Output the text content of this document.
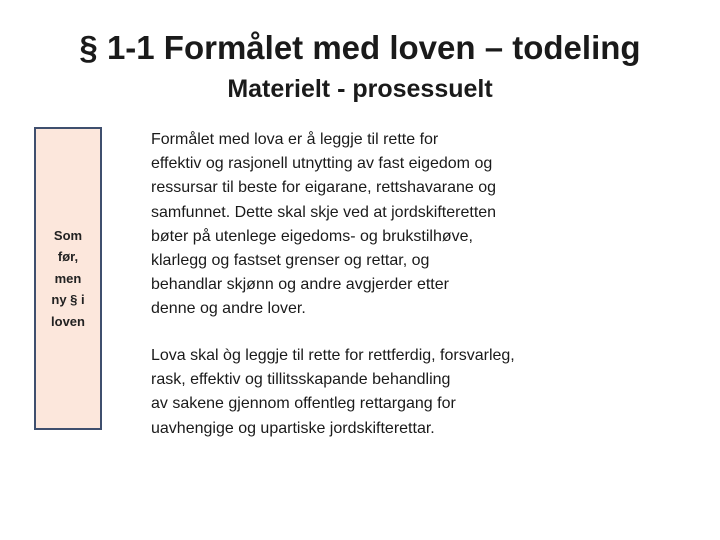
§ 1-1 Formålet med loven – todeling
Materielt - prosessuelt
Som
før,
men
ny § i
loven
Formålet med lova er å leggje til rette for
effektiv og rasjonell utnytting av fast eigedom og
ressursar til beste for eigarane, rettshavarane og
samfunnet. Dette skal skje ved at jordskifteretten
bøter på utenlege eigedoms- og brukstilhøve,
klarlegg og fastset grenser og rettar, og
behandlar skjønn og andre avgjerder etter
denne og andre lover.
Lova skal òg leggje til rette for rettferdig, forsvarleg,
rask, effektiv og tillitsskapande behandling
av sakene gjennom offentleg rettargang for
uavhengige og upartiske jordskifterettar.
